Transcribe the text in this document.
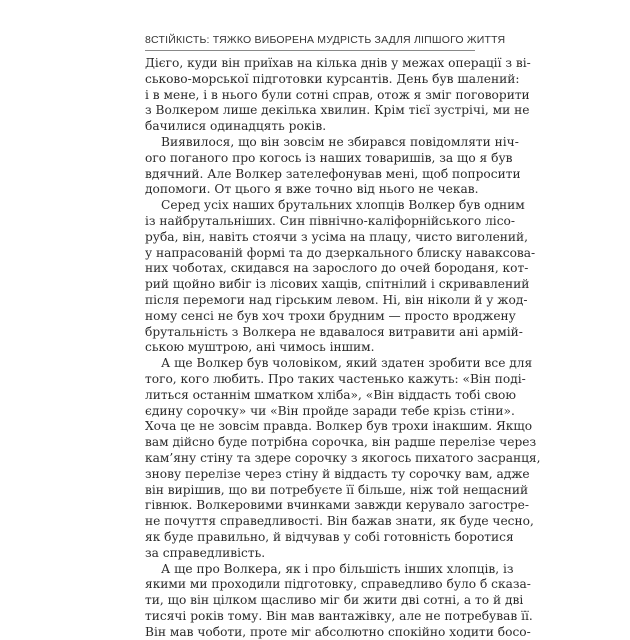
8 СТІЙКІСТЬ: ТЯЖКО ВИБОРЕНА МУДРІСТЬ ЗАДЛЯ ЛІПШОГО ЖИТТЯ
Дієго, куди він приїхав на кілька днів у межах операції з ві-
ськово-морської підготовки курсантів. День був шалений:
і в мене, і в нього були сотні справ, отож я зміг поговорити
з Волкером лише декілька хвилин. Крім тієї зустрічі, ми не
бачилися одинадцять років.
Виявилося, що він зовсім не збирався повідомляти ніч-
ого поганого про когось із наших товаришів, за що я був
вдячний. Але Волкер зателефонував мені, щоб попросити
допомоги. От цього я вже точно від нього не чекав.
Серед усіх наших брутальних хлопців Волкер був одним
із найбрутальніших. Син північно-каліфорнійського лісо-
руба, він, навіть стоячи з усіма на плацу, чисто виголений,
у напрасованій формі та до дзеркального блиску наваксова-
них чоботах, скидався на зарослого до очей бороданя, кот-
рий щойно вибіг із лісових хащів, спітнілий і скривавлений
після перемоги над гірським левом. Ні, він ніколи й у жод-
ному сенсі не був хоч трохи брудним — просто вроджену
брутальність з Волкера не вдавалося витравити ані армій-
ською муштрою, ані чимось іншим.
А ще Волкер був чоловіком, який здатен зробити все для
того, кого любить. Про таких частенько кажуть: «Він поді-
литься останнім шматком хліба», «Він віддасть тобі свою
єдину сорочку» чи «Він пройде заради тебе крізь стіни».
Хоча це не зовсім правда. Волкер був трохи інакшим. Якщо
вам дійсно буде потрібна сорочка, він радше перелізе через
кам’яну стіну та здере сорочку з якогось пихатого засранця,
знову перелізе через стіну й віддасть ту сорочку вам, адже
він вирішив, що ви потребуєте її більше, ніж той нещасний
гівнюк. Волкеровими вчинками завжди керувало загостре-
не почуття справедливості. Він бажав знати, як буде чесно,
як буде правильно, й відчував у собі готовність боротися
за справедливість.
А ще про Волкера, як і про більшість інших хлопців, із
якими ми проходили підготовку, справедливо було б сказа-
ти, що він цілком щасливо міг би жити дві сотні, а то й дві
тисячі років тому. Він мав вантажівку, але не потребував її.
Він мав чоботи, проте міг абсолютно спокійно ходити босо-
